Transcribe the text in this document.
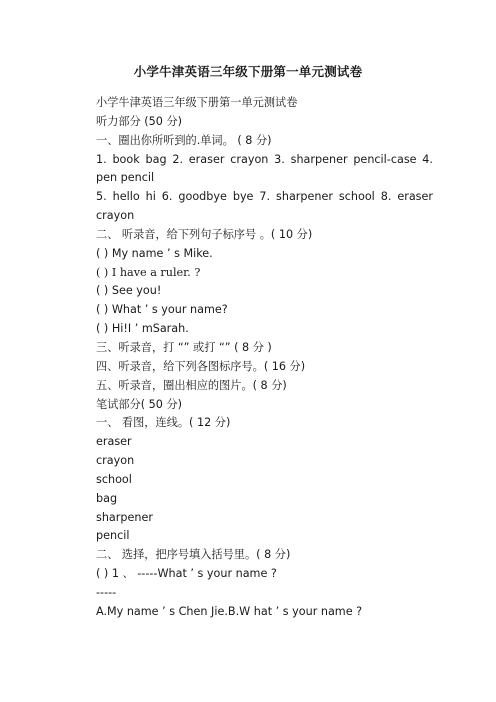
小学牛津英语三年级下册第一单元测试卷
小学牛津英语三年级下册第一单元测试卷
听力部分 (50 分)
一、圈出你所听到的.单词。 ( 8 分)
1. book bag 2. eraser crayon 3. sharpener pencil-case 4. pen pencil
5. hello hi 6. goodbye bye 7. sharpener school 8. eraser crayon
二、 听录音，给下列句子标序号 。( 10 分)
( ) My name ’ s Mike.
( ) I have a ruler. ?
( ) See you!
( ) What ’ s your name?
( ) Hi!I ’ mSarah.
三、听录音，打 “” 或打 “” ( 8 分 )
四、听录音，给下列各图标序号。( 16 分)
五、听录音，圈出相应的图片。( 8 分)
笔试部分( 50 分)
一、 看图，连线。( 12 分)
eraser
crayon
school
bag
sharpener
pencil
二、 选择，把序号填入括号里。( 8 分)
( ) 1 、 -----What ’ s your name ?
-----
A.My name ’ s Chen Jie.B.W hat ’ s your name ?
